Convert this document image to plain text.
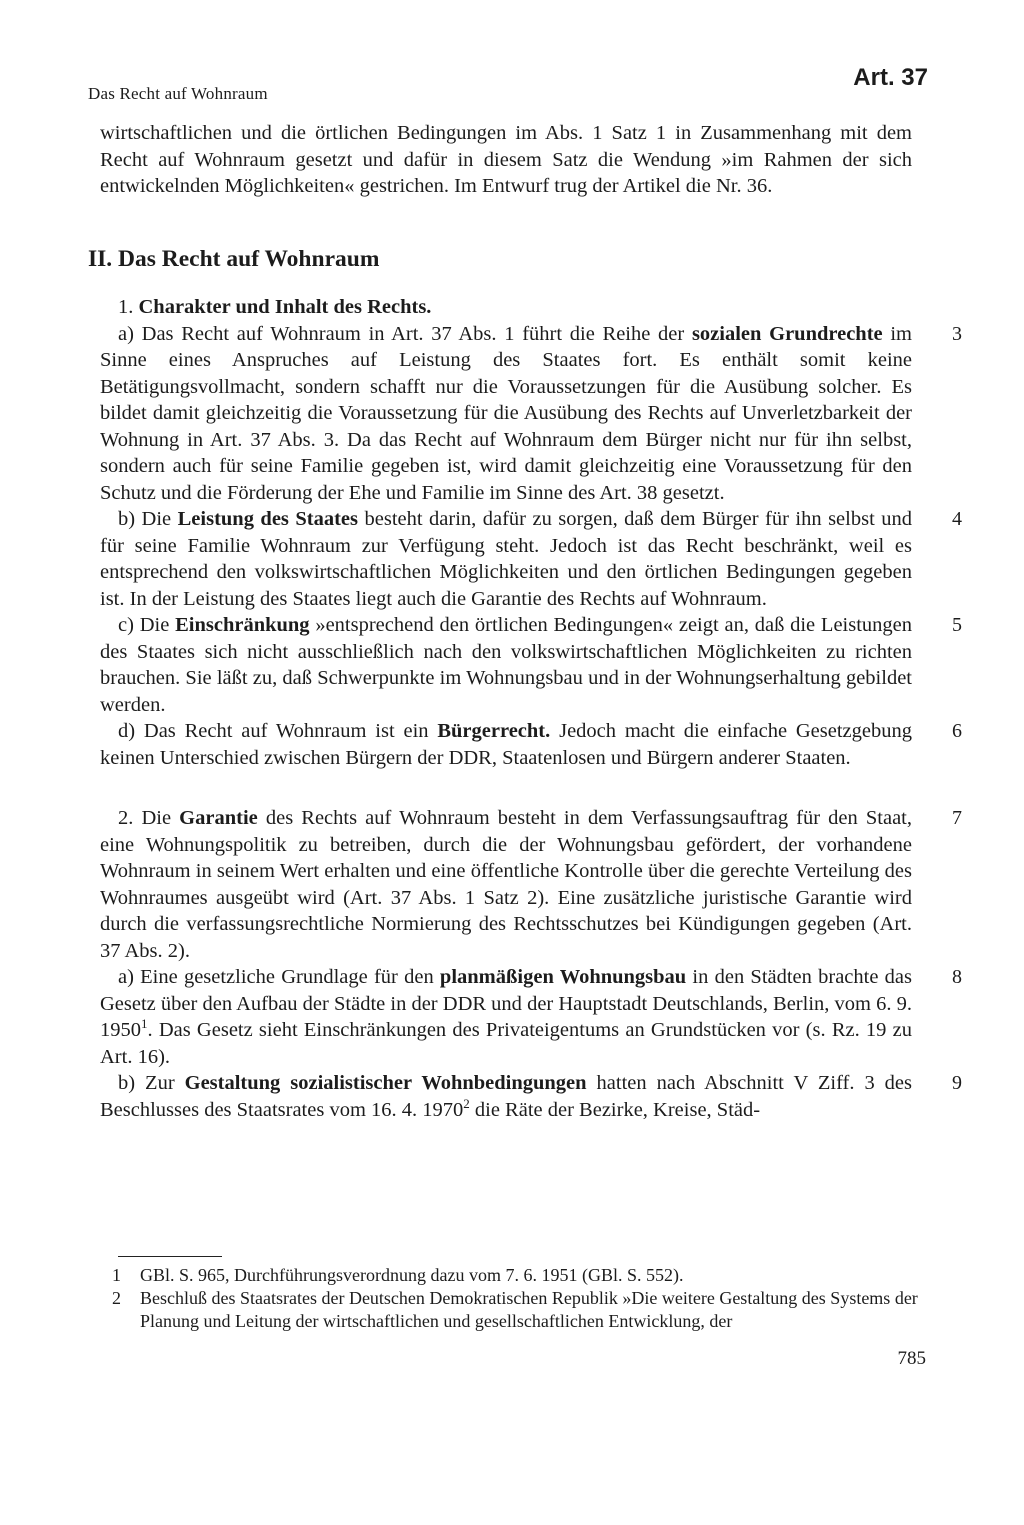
Das Recht auf Wohnraum
Art. 37

wirtschaftlichen und die örtlichen Bedingungen im Abs. 1 Satz 1 in Zusammenhang mit dem Recht auf Wohnraum gesetzt und dafür in diesem Satz die Wendung »im Rahmen der sich entwickelnden Möglichkeiten« gestrichen. Im Entwurf trug der Artikel die Nr. 36.

II. Das Recht auf Wohnraum

1. Charakter und Inhalt des Rechts.

a) Das Recht auf Wohnraum in Art. 37 Abs. 1 führt die Reihe der sozialen Grundrechte im Sinne eines Anspruches auf Leistung des Staates fort. Es enthält somit keine Betätigungsvollmacht, sondern schafft nur die Voraussetzungen für die Ausübung solcher. Es bildet damit gleichzeitig die Voraussetzung für die Ausübung des Rechts auf Unverletzbarkeit der Wohnung in Art. 37 Abs. 3. Da das Recht auf Wohnraum dem Bürger nicht nur für ihn selbst, sondern auch für seine Familie gegeben ist, wird damit gleichzeitig eine Voraussetzung für den Schutz und die Förderung der Ehe und Familie im Sinne des Art. 38 gesetzt.
3

b) Die Leistung des Staates besteht darin, dafür zu sorgen, daß dem Bürger für ihn selbst und für seine Familie Wohnraum zur Verfügung steht. Jedoch ist das Recht beschränkt, weil es entsprechend den volkswirtschaftlichen Möglichkeiten und den örtlichen Bedingungen gegeben ist. In der Leistung des Staates liegt auch die Garantie des Rechts auf Wohnraum.
4

c) Die Einschränkung »entsprechend den örtlichen Bedingungen« zeigt an, daß die Leistungen des Staates sich nicht ausschließlich nach den volkswirtschaftlichen Möglichkeiten zu richten brauchen. Sie läßt zu, daß Schwerpunkte im Wohnungsbau und in der Wohnungserhaltung gebildet werden.
5

d) Das Recht auf Wohnraum ist ein Bürgerrecht. Jedoch macht die einfache Gesetzgebung keinen Unterschied zwischen Bürgern der DDR, Staatenlosen und Bürgern anderer Staaten.
6

2. Die Garantie des Rechts auf Wohnraum besteht in dem Verfassungsauftrag für den Staat, eine Wohnungspolitik zu betreiben, durch die der Wohnungsbau gefördert, der vorhandene Wohnraum in seinem Wert erhalten und eine öffentliche Kontrolle über die gerechte Verteilung des Wohnraumes ausgeübt wird (Art. 37 Abs. 1 Satz 2). Eine zusätzliche juristische Garantie wird durch die verfassungsrechtliche Normierung des Rechtsschutzes bei Kündigungen gegeben (Art. 37 Abs. 2).
7

a) Eine gesetzliche Grundlage für den planmäßigen Wohnungsbau in den Städten brachte das Gesetz über den Aufbau der Städte in der DDR und der Hauptstadt Deutschlands, Berlin, vom 6. 9. 1950$^1$. Das Gesetz sieht Einschränkungen des Privateigentums an Grundstücken vor (s. Rz. 19 zu Art. 16).
8

b) Zur Gestaltung sozialistischer Wohnbedingungen hatten nach Abschnitt V Ziff. 3 des Beschlusses des Staatsrates vom 16. 4. 1970$^2$ die Räte der Bezirke, Kreise, Städ-
9

1 GBl. S. 965, Durchführungsverordnung dazu vom 7. 6. 1951 (GBl. S. 552).

2 Beschluß des Staatsrates der Deutschen Demokratischen Republik »Die weitere Gestaltung des Systems der Planung und Leitung der wirtschaftlichen und gesellschaftlichen Entwicklung, der

785
